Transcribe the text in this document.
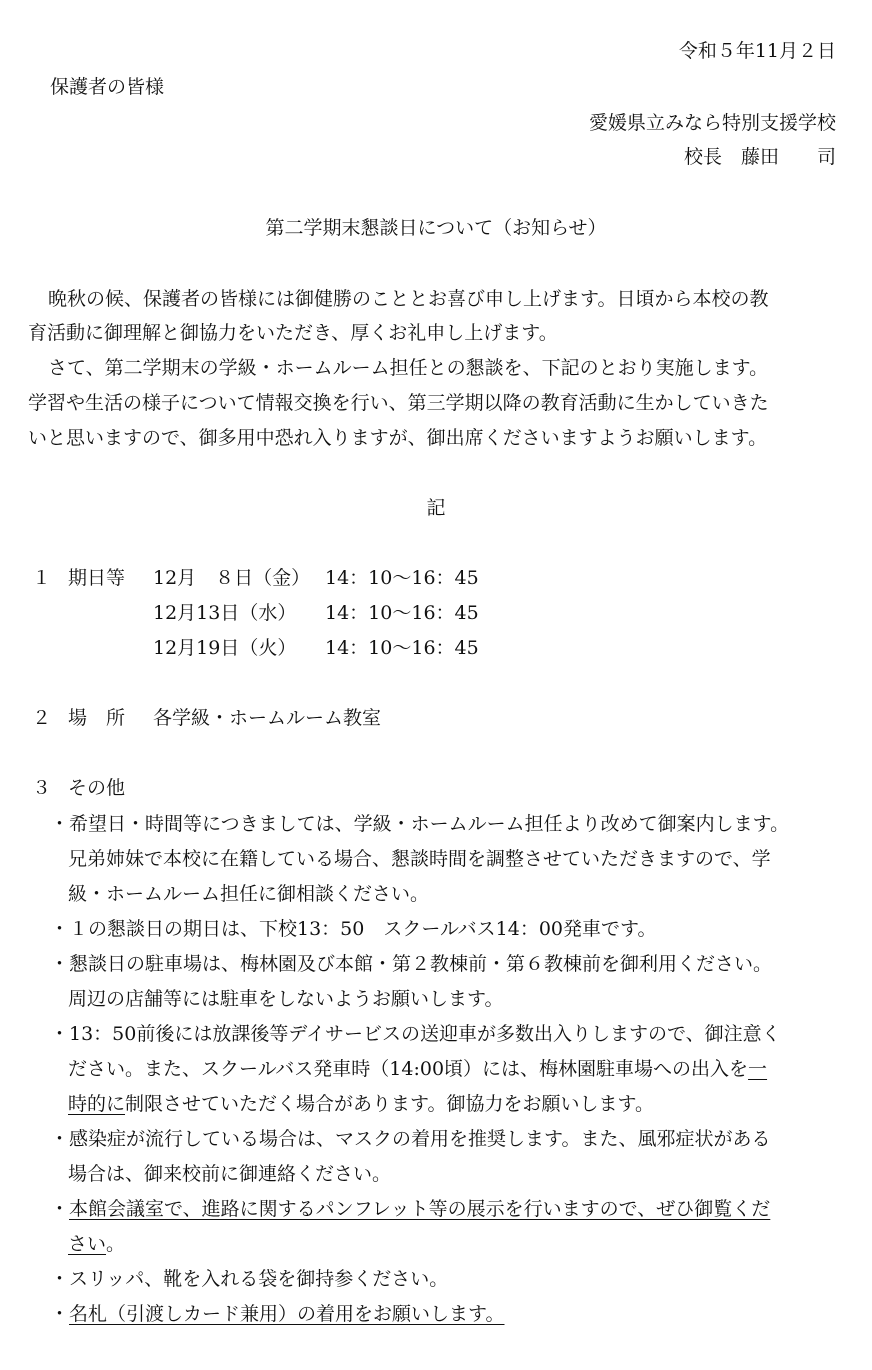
令和５年11月２日
保護者の皆様
愛媛県立みなら特別支援学校
校長　藤田　　司
第二学期末懇談日について（お知らせ）
晩秋の候、保護者の皆様には御健勝のこととお喜び申し上げます。日頃から本校の教
育活動に御理解と御協力をいただき、厚くお礼申し上げます。
さて、第二学期末の学級・ホームルーム担任との懇談を、下記のとおり実施します。
学習や生活の様子について情報交換を行い、第三学期以降の教育活動に生かしていきた
いと思いますので、御多用中恐れ入りますが、御出席くださいますようお願いします。
記
１ 期日等 12月　８日（金） 14：10〜16：45
12月13日（水） 14：10〜16：45
12月19日（火） 14：10〜16：45
２ 場　所 各学級・ホームルーム教室
３ その他
・希望日・時間等につきましては、学級・ホームルーム担任より改めて御案内します。
兄弟姉妹で本校に在籍している場合、懇談時間を調整させていただきますので、学
級・ホームルーム担任に御相談ください。
・１の懇談日の期日は、下校13：50　スクールバス14：00発車です。
・懇談日の駐車場は、梅林園及び本館・第２教棟前・第６教棟前を御利用ください。
周辺の店舗等には駐車をしないようお願いします。
・13：50前後には放課後等デイサービスの送迎車が多数出入りしますので、御注意く
ださい。また、スクールバス発車時（14:00頃）には、梅林園駐車場への出入を一
時的に制限させていただく場合があります。御協力をお願いします。
・感染症が流行している場合は、マスクの着用を推奨します。また、風邪症状がある
場合は、御来校前に御連絡ください。
・本館会議室で、進路に関するパンフレット等の展示を行いますので、ぜひ御覧くだ
さい。
・スリッパ、靴を入れる袋を御持参ください。
・名札（引渡しカード兼用）の着用をお願いします。
